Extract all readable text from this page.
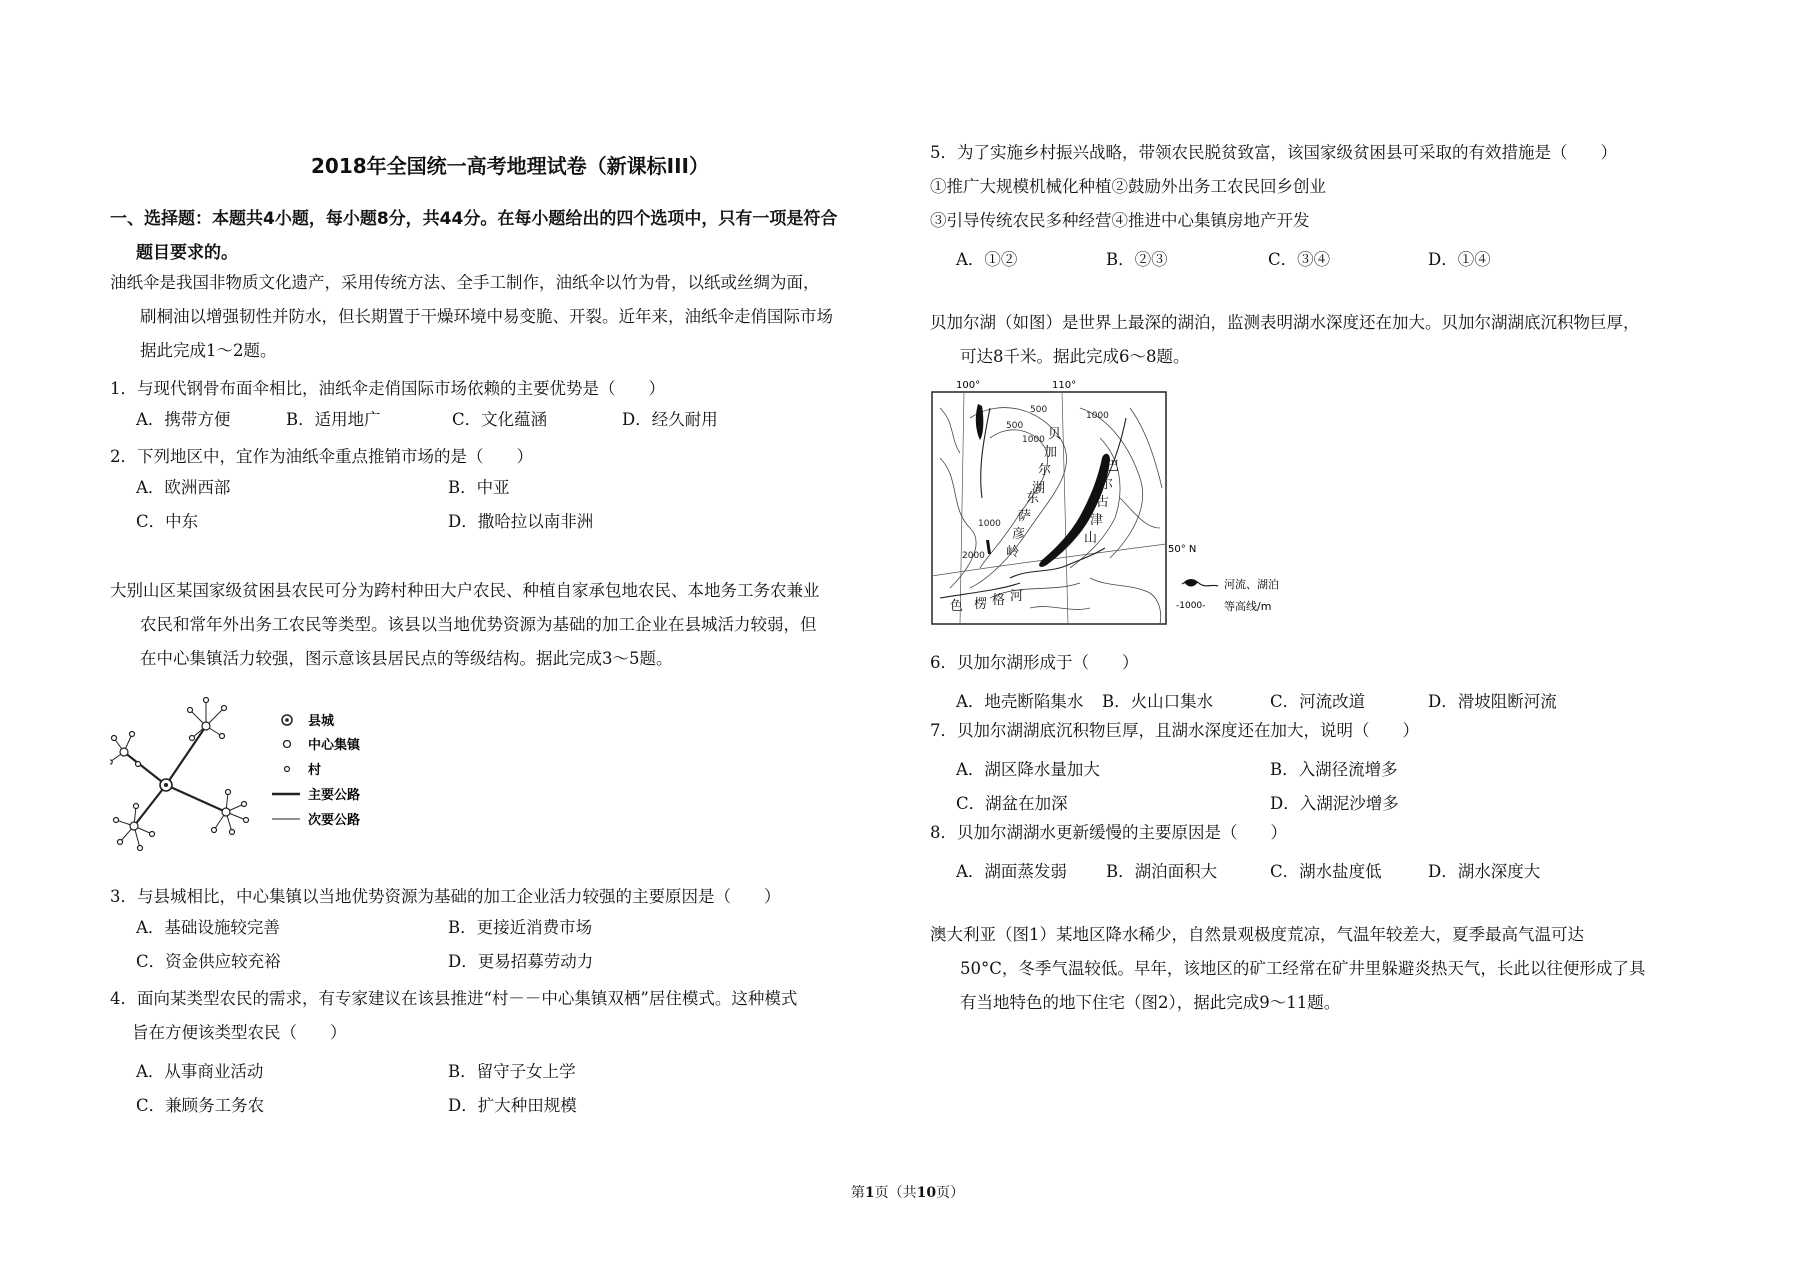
2018年全国统一高考地理试卷（新课标III）
一、选择题：本题共4小题，每小题8分，共44分。在每小题给出的四个选项中，只有一项是符合
题目要求的。
油纸伞是我国非物质文化遗产，采用传统方法、全手工制作，油纸伞以竹为骨，以纸或丝绸为面，
刷桐油以增强韧性并防水，但长期置于干燥环境中易变脆、开裂。近年来，油纸伞走俏国际市场
据此完成1～2题。
1．与现代钢骨布面伞相比，油纸伞走俏国际市场依赖的主要优势是（　　）
A．携带方便	B．适用地广	C．文化蕴涵	D．经久耐用
2．下列地区中，宜作为油纸伞重点推销市场的是（　　）
A．欧洲西部	B．中亚
C．中东	D．撒哈拉以南非洲
大别山区某国家级贫困县农民可分为跨村种田大户农民、种植自家承包地农民、本地务工务农兼业
农民和常年外出务工农民等类型。该县以当地优势资源为基础的加工企业在县城活力较弱，但
在中心集镇活力较强，图示意该县居民点的等级结构。据此完成3～5题。
县城
中心集镇
村
主要公路
次要公路
3．与县城相比，中心集镇以当地优势资源为基础的加工企业活力较强的主要原因是（　　）
A．基础设施较完善	B．更接近消费市场
C．资金供应较充裕	D．更易招募劳动力
4．面向某类型农民的需求，有专家建议在该县推进“村－－中心集镇双栖”居住模式。这种模式
旨在方便该类型农民（　　）
A．从事商业活动	B．留守子女上学
C．兼顾务工务农	D．扩大种田规模
5．为了实施乡村振兴战略，带领农民脱贫致富，该国家级贫困县可采取的有效措施是（　　）
①推广大规模机械化种植②鼓励外出务工农民回乡创业
③引导传统农民多种经营④推进中心集镇房地产开发
A．①②	B．②③	C．③④	D．①④
贝加尔湖（如图）是世界上最深的湖泊，监测表明湖水深度还在加大。贝加尔湖湖底沉积物巨厚，
可达8千米。据此完成6～8题。
100°	110°
50° N
500
500
1000
1000
1000
2000
贝
加
尔
湖
巴
尔
古
津
山
东
萨
彦
岭
色 楞 格 河
河流、湖泊
-1000- 等高线/m
6．贝加尔湖形成于（　　）
A．地壳断陷集水 B．火山口集水	C．河流改道	D．滑坡阻断河流
7．贝加尔湖湖底沉积物巨厚，且湖水深度还在加大，说明（　　）
A．湖区降水量加大	B．入湖径流增多
C．湖盆在加深	D．入湖泥沙增多
8．贝加尔湖湖水更新缓慢的主要原因是（　　）
A．湖面蒸发弱 B．湖泊面积大	C．湖水盐度低	D．湖水深度大
澳大利亚（图1）某地区降水稀少，自然景观极度荒凉，气温年较差大，夏季最高气温可达
50°C，冬季气温较低。早年，该地区的矿工经常在矿井里躲避炎热天气，长此以往便形成了具
有当地特色的地下住宅（图2），据此完成9～11题。
第1页（共10页）
